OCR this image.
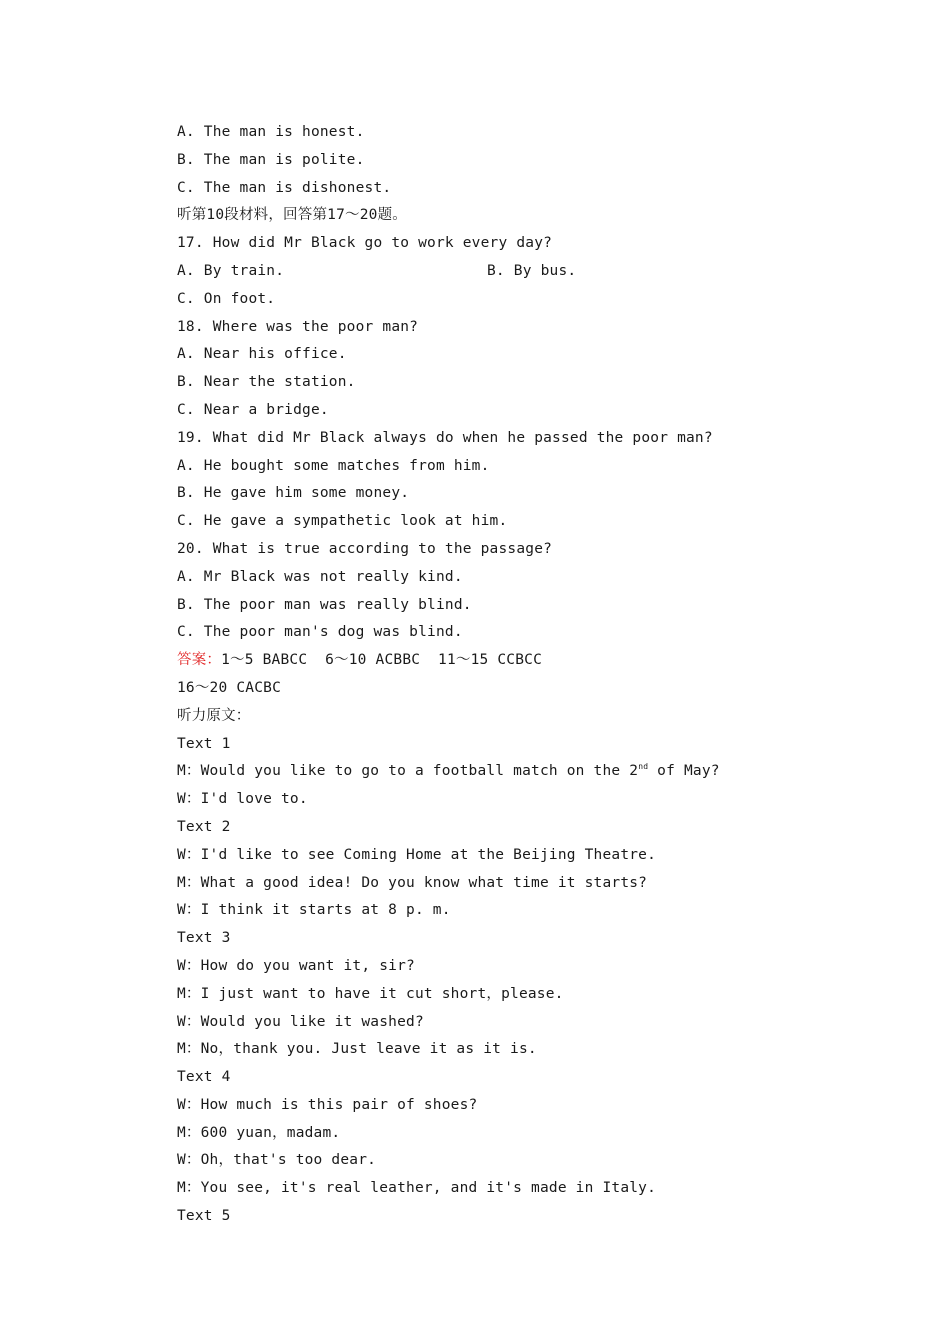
A. The man is honest.
B. The man is polite.
C. The man is dishonest.
听第10段材料，回答第17～20题。
17. How did Mr Black go to work every day?
A. By train.	B. By bus.
C. On foot.
18. Where was the poor man?
A. Near his office.
B. Near the station.
C. Near a bridge.
19. What did Mr Black always do when he passed the poor man?
A. He bought some matches from him.
B. He gave him some money.
C. He gave a sympathetic look at him.
20. What is true according to the passage?
A. Mr Black was not really kind.
B. The poor man was really blind.
C. The poor man's dog was blind.
答案：1～5 BABCC  6～10 ACBBC  11～15 CCBCC
16～20 CACBC
听力原文：
Text 1
M：Would you like to go to a football match on the 2nd of May?
W：I'd love to.
Text 2
W：I'd like to see Coming Home at the Beijing Theatre.
M：What a good idea! Do you know what time it starts?
W：I think it starts at 8 p. m.
Text 3
W：How do you want it, sir?
M：I just want to have it cut short，please.
W：Would you like it washed?
M：No，thank you. Just leave it as it is.
Text 4
W：How much is this pair of shoes?
M：600 yuan，madam.
W：Oh，that's too dear.
M：You see, it's real leather, and it's made in Italy.
Text 5
